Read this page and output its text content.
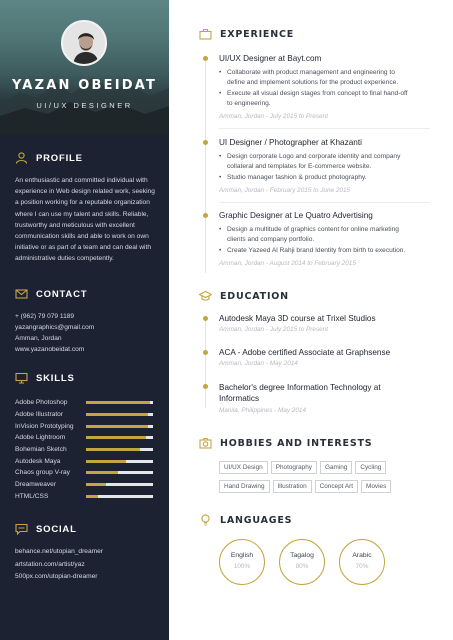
YAZAN OBEIDAT
UI/UX DESIGNER
PROFILE
An enthusiastic and committed individual with experience in Web design related work, seeking a position working for a reputable organization where I can use my talent and skills. Reliable, trustworthy and meticulous with excellent communication skills and able to work on own initiative or as part of a team and can deal with administrative duties competently.
CONTACT
+ (962) 79 079 1189
yazangraphics@gmail.com
Amman, Jordan
www.yazanobeidat.com
SKILLS
Adobe Photoshop
Adobe Illustrator
InVision Prototyping
Adobe Lightroom
Bohemian Sketch
Autodesk Maya
Chaos group V-ray
Dreamweaver
HTML/CSS
SOCIAL
behance.net/utopian_dreamer
artstation.com/artist/yaz
500px.com/utopian-dreamer
EXPERIENCE
UI/UX Designer at Bayt.com
• Collaborate with product management and engineering to define and implement solutions for the product experience.
• Execute all visual design stages from concept to final hand-off to engineering.
Amman, Jordan - July 2015 to Present
UI Designer / Photographer at Khazanti
• Design corporate Logo and corporate identity and company collateral and templates for E-commerce website.
• Studio manager fashion & product photography.
Amman, Jordan - February 2015 to June 2015
Graphic Designer at Le Quatro Advertising
• Design a multitude of graphics content for online marketing clients and company portfolio.
• Create Yazeed Al Rahji brand Identity from birth to execution.
Amman, Jordan - August 2014 to February 2015
EDUCATION
Autodesk Maya 3D course at Trixel Studios
Amman, Jordan - July 2015 to Present
ACA - Adobe certified Associate at Graphsense
Amman, Jordan - May 2014
Bachelor's degree Information Technology at Informatics
Manila, Philippines - May 2014
HOBBIES AND INTERESTS
UI/UX Design	Photography	Gaming	Cycling
Hand Drawing	Illustration	Concept Art	Movies
LANGUAGES
English
100%
Tagalog
80%
Arabic
70%
